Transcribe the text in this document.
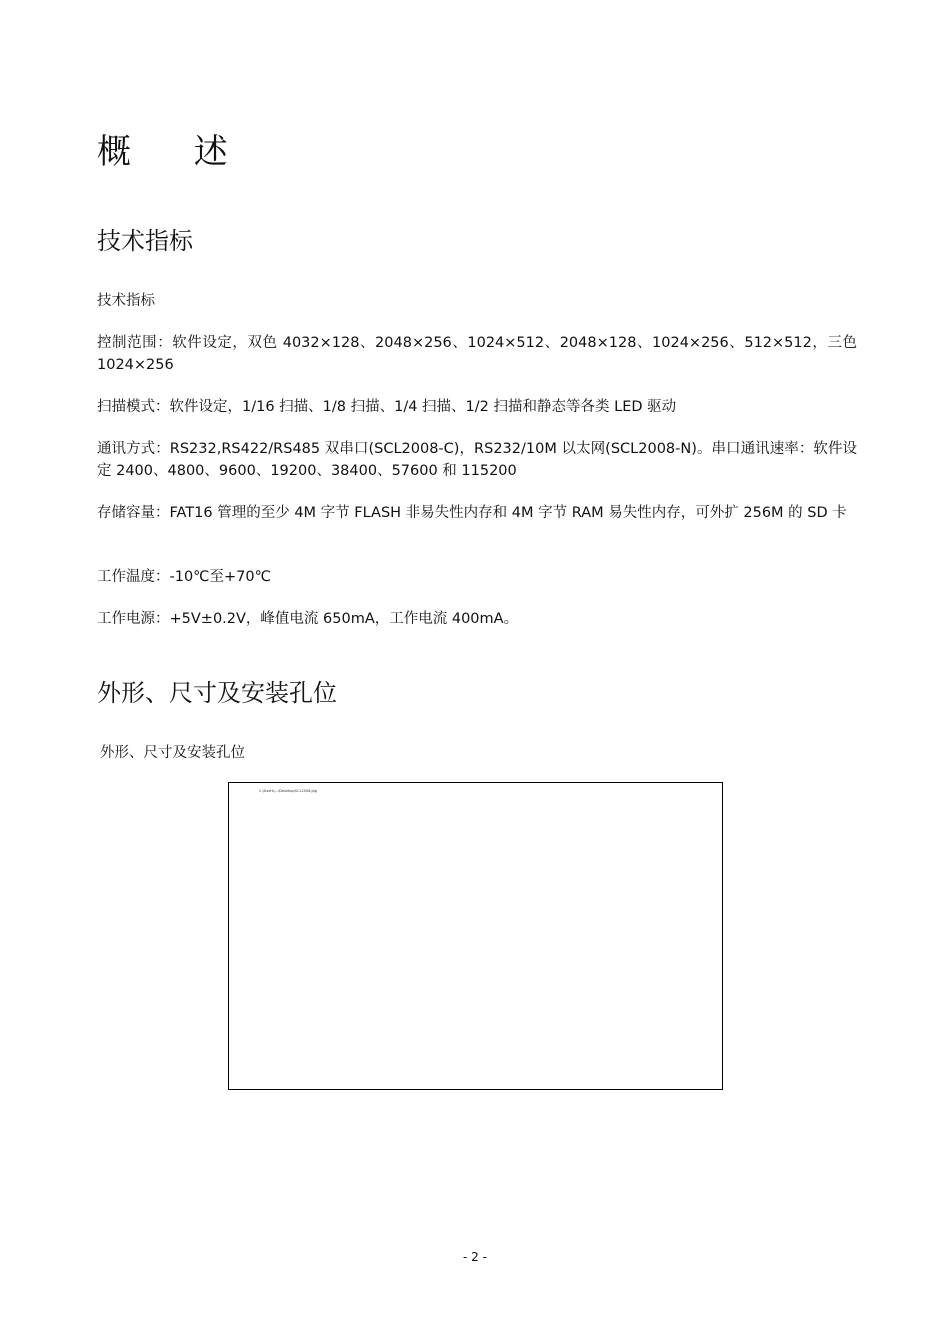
概 述
技术指标

技术指标

控制范围：软件设定，双色 4032×128、2048×256、1024×512、2048×128、1024×256、512×512，三色 1024×256

扫描模式：软件设定，1/16 扫描、1/8 扫描、1/4 扫描、1/2 扫描和静态等各类 LED 驱动

通讯方式：RS232,RS422/RS485 双串口(SCL2008-C)，RS232/10M 以太网(SCL2008-N)。串口通讯速率：软件设定 2400、4800、9600、19200、38400、57600 和 115200

存储容量：FAT16 管理的至少 4M 字节 FLASH 非易失性内存和 4M 字节 RAM 易失性内存，可外扩 256M 的 SD 卡

工作温度：-10℃至+70℃

工作电源：+5V±0.2V，峰值电流 650mA，工作电流 400mA。

外形、尺寸及安装孔位

外形、尺寸及安装孔位

C:\Users\...\Desktop\SCL2008.jpg
- 2 -
